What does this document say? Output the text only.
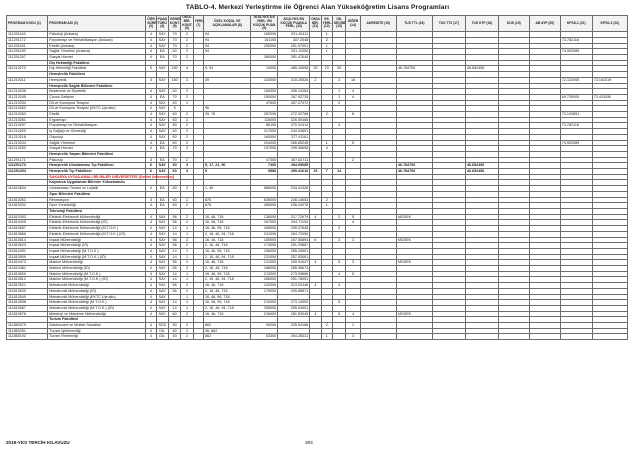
TABLO-4. Merkezi Yerleştirme ile Öğrenci Alan Yükseköğretim Lisans Programları
PROGRAM KODU (1)	PROGRAM ADI (2)	ÖĞR. SÜRE (3)	PUAN TÜRÜ (4)	GENEL KONT. (5)	OKUL BİR. KONT. (6)	YERL. (7)	ÖZEL KOŞUL VE AÇIKLAMALAR (8)	2018-YKS İLK YERL. EN KÜÇÜK PUAN (9)	2018-YKS EN KÜÇÜK PUANLA YERL. (10)	OKUL BİR. (11)	EK YERL. (12)	DİL SEÇİMİ (13)	DİĞER (14)	AKREDİTE (15)	TUS TT1 (16)	TUS TT2 (17)	TUS KTP (18)	DUS (19)	AB AYP (20)	KPSS-1 (21)	KPSS-2 (22)
111291163	Psikoloji (Ankara)	4	SAY	70	2		94	185000	291.40411		1										
111291172	Fizyoterapi ve Rehabilitasyon (Ankara)	4	SAY	70	2		94	161100	307.2548		2									73.782118	
111291181	Ebelik (Ankara)	4	SAY	70	2		94	250000	261.97001		1										
111291190	Sağlık Yönetimi (Ankara)	4	EA	60	2		94		251.11000		1									74.903089	
111291207	Sosyal Hizmet	4	EA	70	2			260000	281.47640												
	Diş Hekimliği Fakültesi																				
111210273	Diş Hekimliği Fakültesi	5	SAY	150	4		5, 94	10000	485.10598	25	23	30			46.784706		46.652456				
	Hemşirelik Fakültesi																				
111210211	Hemşirelik	4	SAY	160	3		39	133000	315.20526	2		3	16							72.322005	73.164319
	Hemşirelik Sağlık Bilimleri Fakültesi																				
111210236	Beslenme ve Diyetetik	4	SAY	60	2			160000	306.14164			1	4								
111210245	Çocuk Gelişimi	4	EA	70	2			150000	267.92735			1	4							69.730000	73.431050
111210254	Dil ve Konuşma Terapisi	4	SAY	40	1			47600	407.27072			2									
111210263	Dil ve Konuşma Terapisi (KKTC Uyruklu)	4	SAY	5			96														
111210263	Ebelik	4	SAY	60	2		39, 78	257000	272.32768		2		6							73.103851	
111210281	Ergoterapi	4	SAY	60	2			116000	326.50466												
111210297	Fizyoterapi ve Rehabilitasyon	4	SAY	80	2			86100	370.31414			4								73.782118	
111210209	İş Sağlığı ve Güvenliği	4	SAY	60	2			317000	244.03691												
111210218	Odyoloji	4	SAY	60	2			160000	377.41161												
111210244	Sağlık Yönetimi	4	EA	60	2			204000	266.85245		1		5							74.903089	
111210253	Sosyal Hizmet	4	EA	70	2			197000	299.96698		4										
	Hemşirelik Yaşam Bilimleri Fakültesi																				
111291171	Psikoloji	4	EA	70	2			47300	367.82711				2								
111291173	Hemşirelik Uluslararası Tıp Fakültesi	6	SAY	30	3		5, 17, 21, 90	7400	494.05085						46.784706		46.652456				
111291263	Hemşirelik Tıp Fakültesi	6	SAY	60	3		5	5580	499.41616	15	7	14			46.784706		46.652456				
	SAKARYA UYGULAMALI BİLİMLER ÜNİVERSİTESİ (Devlet Üniversitesi)																				
	Kaynarca Uygulamalı Bilimler Yüksekokulu																				
111810634	Uluslararası Ticaret ve Lojistik	4	EA	60	2		1, 46	586000	234.41326												
	Spor Bilimleri Fakültesi																				
111810263	Rekreasyon	4	EA	60	2		876	636000	226.14653		2										
111810332	Spor Yöneticiliği	4	EA	60	2		876	465000	238.44070		1										
	Teknoloji Fakültesi																				
111810393	Elektrik-Elektronik Mühendisliği	4	SAY	56	2		16, 46, 718	136000	317.72679	4		2	5		MÜDEK						
111810405	Elektrik-Elektronik Mühendisliği (İÖ)	4	SAY	56	2		16, 46, 718	167000	294.71194				4								
111810657	Elektrik-Elektronik Mühendisliği (M.T.O.K.)	4	SAY	14	1		16, 46, 95, 718	189000	290.27648			2									
111810666	Elektrik-Elektronik Mühendisliği (M.T.O.K.) (İÖ)	4	SAY	14	1		2, 16, 46, 94, 718	241000	264.72050												
111810614	İnşaat Mühendisliği	4	SAY	56	2		16, 46, 718	165000	307.55894	6		3	3		MÜDEK						
111810623	İnşaat Mühendisliği (İÖ)	4	SAY	56	2		2, 16, 46, 718	174000	291.29887												
111810491	İnşaat Mühendisliği (M.T.O.K.)	4	SAY	14	1		16, 46, 95, 718	196000	285.20601												
111810509	İnşaat Mühendisliği (M.T.O.K.) (İÖ)	4	SAY	14	1		2, 16, 46, 94, 718	231000	257.53061												
111810472	Makine Mühendisliği	4	SAY	56	2		16, 46, 718	121000	305.91047	4		5	3		MÜDEK						
111810481	Makine Mühendisliği (İÖ)	4	SAY	56	2		2, 16, 46, 718	188000	285.96673												
111810500	Makine Mühendisliği (M.T.O.K.)	4	SAY	14	1		16, 46, 95, 718	213000	273.93866			4	5								
111810512	Makine Mühendisliği (M.T.O.K.) (İÖ)	4	SAY	14	1		2, 16, 46, 94, 718	266000	251.78051												
111810521	Mekatronik Mühendisliği	4	SAY	56	2		16, 46, 718	132000	313.02448	4		4									
111810530	Mekatronik Mühendisliği (İÖ)	4	SAY	56	2		2, 16, 46, 718	179000	290.89871												
111810549	Mekatronik Mühendisliği (KKTC Uyruklu)	4	SAY		1		16, 46, 96, 718														
111810558	Mekatronik Mühendisliği (M.T.O.K.)	4	SAY	14	1		16, 46, 95, 718	210000	273.14000			5									
111810567	Mekatronik Mühendisliği (M.T.O.K.) (İÖ)	4	SAY	14	1		2, 16, 46, 94, 718	255000	259.04901												
111810676	Metalurji ve Malzeme Mühendisliği	4	SAY	60	2		16, 46, 718	216000	281.53045	4		5	4		MÜDEK						
	Turizm Fakültesi																				
111860379	Gastronomi ve Mutfak Sanatları	4	SÖZ	50	2		862	90200	335.54166		2		1								
111860351	Turizm İşletmeciliği	4	DİL	60	2		46, 862														
111860192	Turizm Rehberliği	4	DİL	40	2		862	53300	254.28331		1		3								
2019-YKS TERCİH KILAVUZU	383
